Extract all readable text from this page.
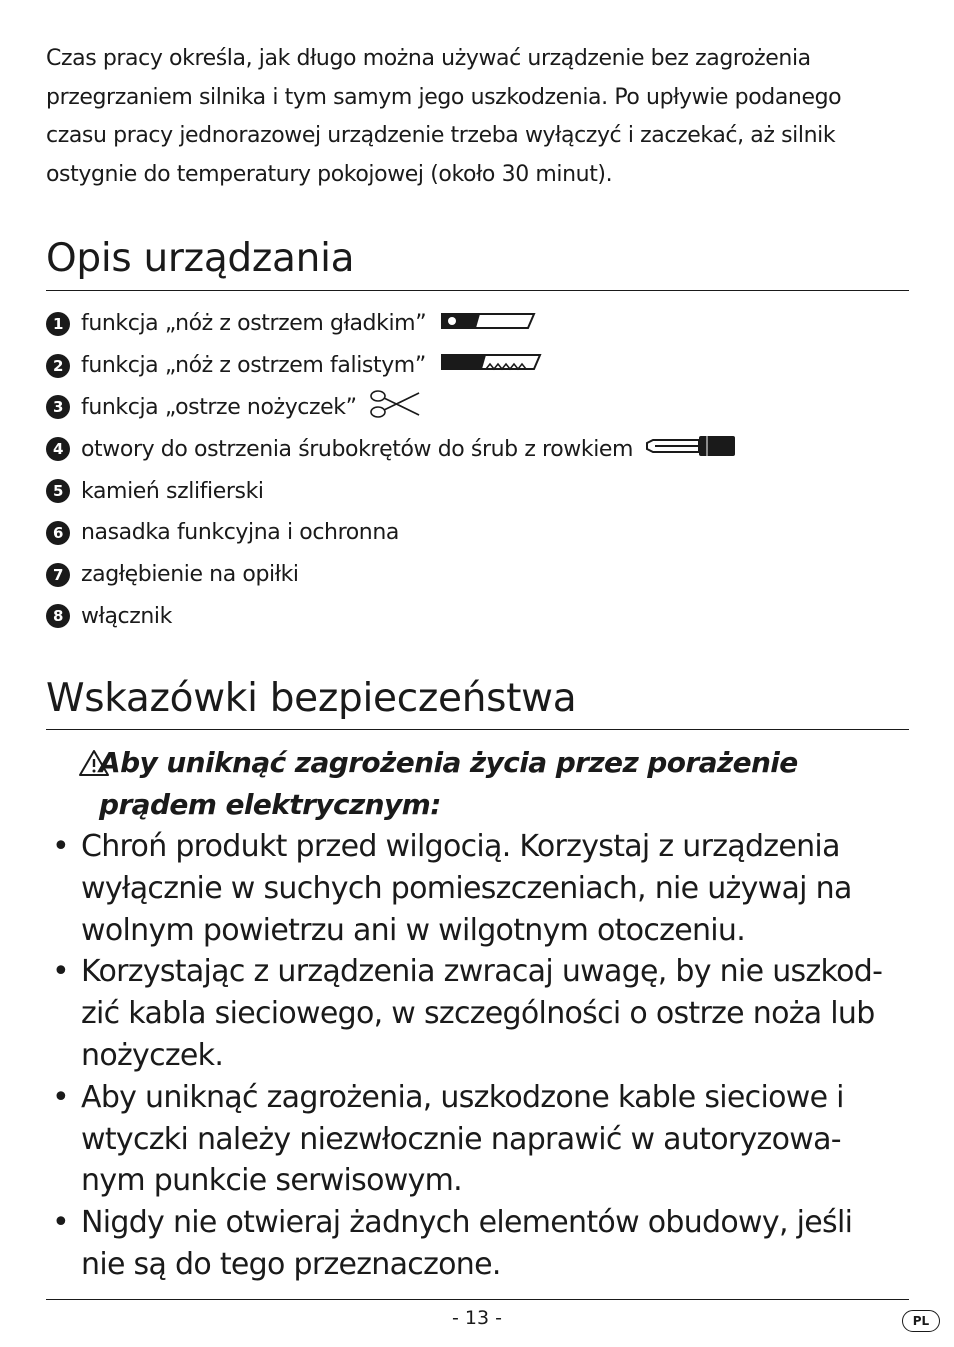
Czas pracy określa, jak długo można używać urządzenie bez zagrożenia
przegrzaniem silnika i tym samym jego uszkodzenia. Po upływie podanego
czasu pracy jednorazowej urządzenie trzeba wyłączyć i zaczekać, aż silnik
ostygnie do temperatury pokojowej (około 30 minut).
Opis urządzania
1 funkcja „nóż z ostrzem gładkim”
2 funkcja „nóż z ostrzem falistym”
3 funkcja „ostrze nożyczek”
4 otwory do ostrzenia śrubokrętów do śrub z rowkiem
5 kamień szlifierski
6 nasadka funkcyjna i ochronna
7 zagłębienie na opiłki
8 włącznik
Wskazówki bezpieczeństwa
Aby uniknąć zagrożenia życia przez porażenie
prądem elektrycznym:
• Chroń produkt przed wilgocią. Korzystaj z urządzenia
wyłącznie w suchych pomieszczeniach, nie używaj na
wolnym powietrzu ani w wilgotnym otoczeniu.
• Korzystając z urządzenia zwracaj uwagę, by nie uszkod-
zić kabla sieciowego, w szczególności o ostrze noża lub
nożyczek.
• Aby uniknąć zagrożenia, uszkodzone kable sieciowe i
wtyczki należy niezwłocznie naprawić w autoryzowa-
nym punkcie serwisowym.
• Nigdy nie otwieraj żadnych elementów obudowy, jeśli
nie są do tego przeznaczone.
- 13 -	PL
